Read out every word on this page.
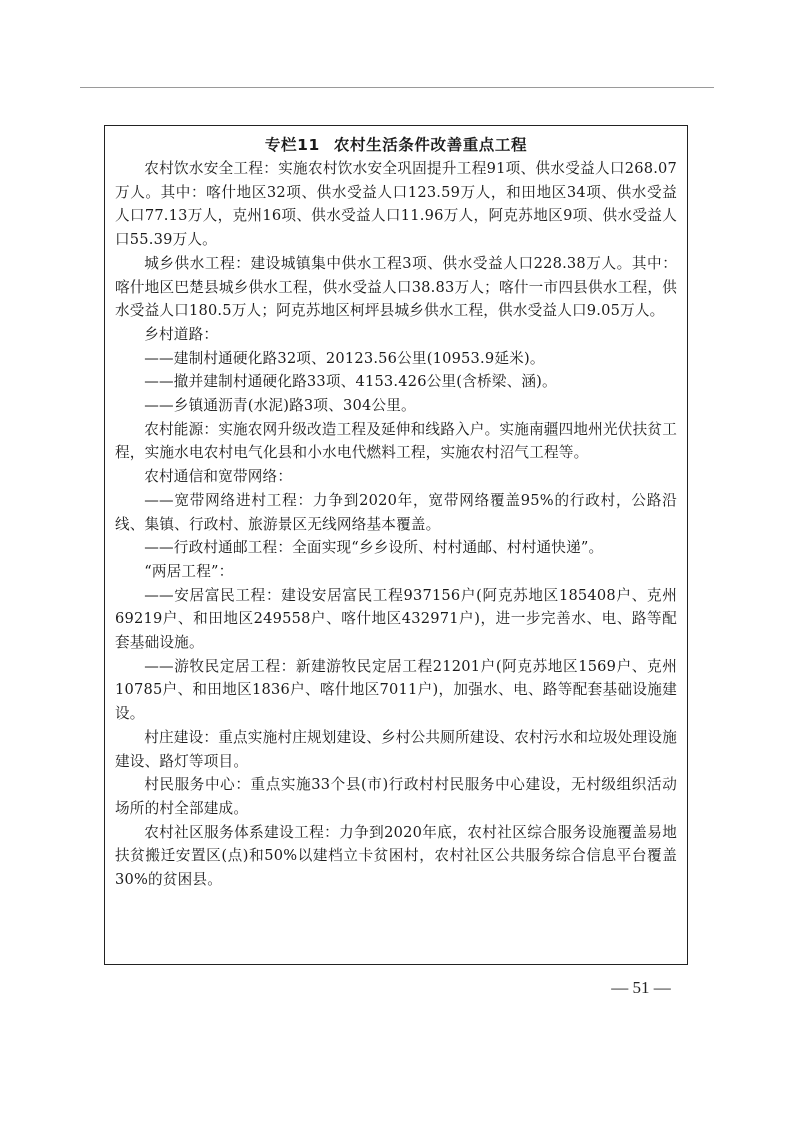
专栏11 农村生活条件改善重点工程

农村饮水安全工程：实施农村饮水安全巩固提升工程91项、供水受益人口268.07万人。其中：喀什地区32项、供水受益人口123.59万人，和田地区34项、供水受益人口77.13万人，克州16项、供水受益人口11.96万人，阿克苏地区9项、供水受益人口55.39万人。

城乡供水工程：建设城镇集中供水工程3项、供水受益人口228.38万人。其中：喀什地区巴楚县城乡供水工程，供水受益人口38.83万人；喀什一市四县供水工程，供水受益人口180.5万人；阿克苏地区柯坪县城乡供水工程，供水受益人口9.05万人。

乡村道路：

——建制村通硬化路32项、20123.56公里(10953.9延米)。

——撤并建制村通硬化路33项、4153.426公里(含桥梁、涵)。

——乡镇通沥青(水泥)路3项、304公里。

农村能源：实施农网升级改造工程及延伸和线路入户。实施南疆四地州光伏扶贫工程，实施水电农村电气化县和小水电代燃料工程，实施农村沼气工程等。

农村通信和宽带网络：

——宽带网络进村工程：力争到2020年，宽带网络覆盖95%的行政村，公路沿线、集镇、行政村、旅游景区无线网络基本覆盖。

——行政村通邮工程：全面实现“乡乡设所、村村通邮、村村通快递”。

“两居工程”：

——安居富民工程：建设安居富民工程937156户(阿克苏地区185408户、克州69219户、和田地区249558户、喀什地区432971户)，进一步完善水、电、路等配套基础设施。

——游牧民定居工程：新建游牧民定居工程21201户(阿克苏地区1569户、克州10785户、和田地区1836户、喀什地区7011户)，加强水、电、路等配套基础设施建设。

村庄建设：重点实施村庄规划建设、乡村公共厕所建设、农村污水和垃圾处理设施建设、路灯等项目。

村民服务中心：重点实施33个县(市)行政村村民服务中心建设，无村级组织活动场所的村全部建成。

农村社区服务体系建设工程：力争到2020年底，农村社区综合服务设施覆盖易地扶贫搬迁安置区(点)和50%以建档立卡贫困村，农村社区公共服务综合信息平台覆盖30%的贫困县。

— 51 —
